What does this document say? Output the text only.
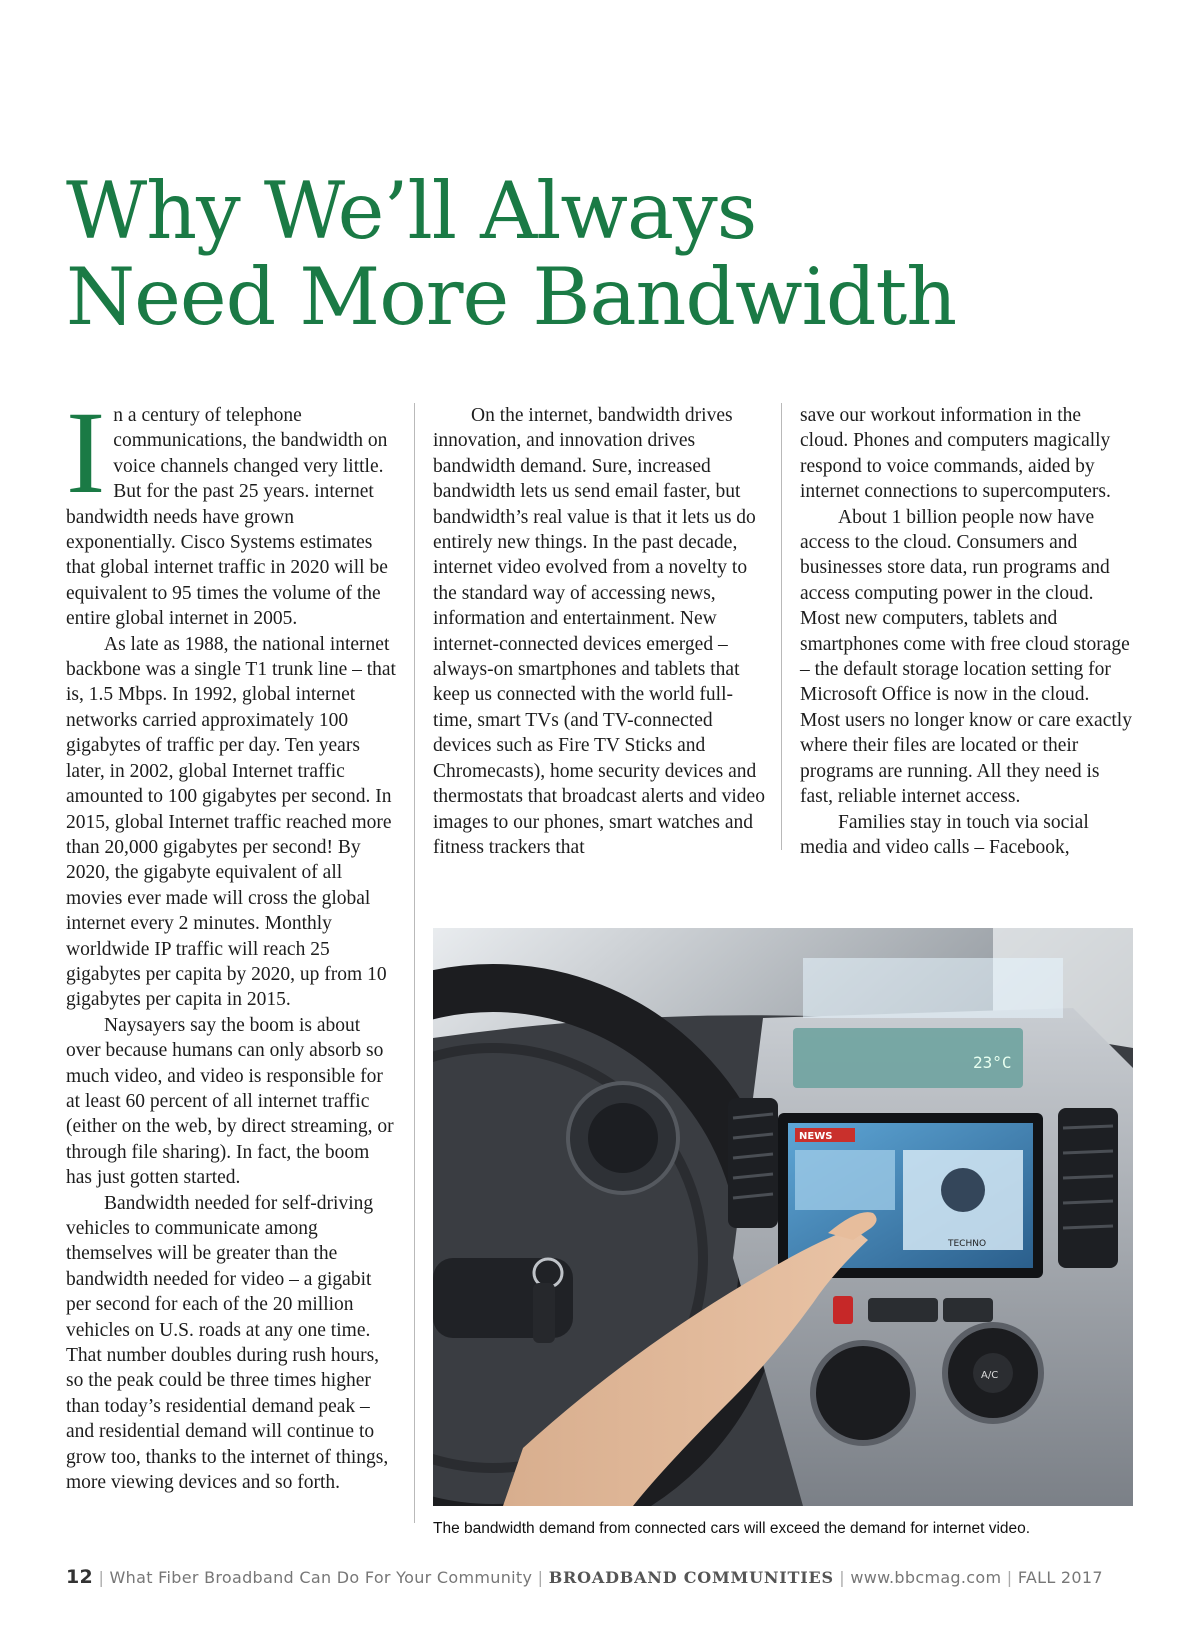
Why We’ll Always
Need More Bandwidth

In a century of telephone communications, the bandwidth on voice channels changed very little. But for the past 25 years. internet bandwidth needs have grown exponentially. Cisco Systems estimates that global internet traffic in 2020 will be equivalent to 95 times the volume of the entire global internet in 2005.

As late as 1988, the national internet backbone was a single T1 trunk line – that is, 1.5 Mbps. In 1992, global internet networks carried approximately 100 gigabytes of traffic per day. Ten years later, in 2002, global Internet traffic amounted to 100 gigabytes per second. In 2015, global Internet traffic reached more than 20,000 gigabytes per second! By 2020, the gigabyte equivalent of all movies ever made will cross the global internet every 2 minutes. Monthly worldwide IP traffic will reach 25 gigabytes per capita by 2020, up from 10 gigabytes per capita in 2015.

Naysayers say the boom is about over because humans can only absorb so much video, and video is responsible for at least 60 percent of all internet traffic (either on the web, by direct streaming, or through file sharing). In fact, the boom has just gotten started.

Bandwidth needed for self-driving vehicles to communicate among themselves will be greater than the bandwidth needed for video – a gigabit per second for each of the 20 million vehicles on U.S. roads at any one time. That number doubles during rush hours, so the peak could be three times higher than today’s residential demand peak – and residential demand will continue to grow too, thanks to the internet of things, more viewing devices and so forth.

On the internet, bandwidth drives innovation, and innovation drives bandwidth demand. Sure, increased bandwidth lets us send email faster, but bandwidth’s real value is that it lets us do entirely new things. In the past decade, internet video evolved from a novelty to the standard way of accessing news, information and entertainment. New internet-connected devices emerged – always-on smartphones and tablets that keep us connected with the world full-time, smart TVs (and TV-connected devices such as Fire TV Sticks and Chromecasts), home security devices and thermostats that broadcast alerts and video images to our phones, smart watches and fitness trackers that

save our workout information in the cloud. Phones and computers magically respond to voice commands, aided by internet connections to supercomputers.

About 1 billion people now have access to the cloud. Consumers and businesses store data, run programs and access computing power in the cloud. Most new computers, tablets and smartphones come with free cloud storage – the default storage location setting for Microsoft Office is now in the cloud. Most users no longer know or care exactly where their files are located or their programs are running. All they need is fast, reliable internet access.

Families stay in touch via social media and video calls – Facebook,

23°C
NEWS
TECHNO
A/C
The bandwidth demand from connected cars will exceed the demand for internet video.
12 | What Fiber Broadband Can Do For Your Community | BROADBAND COMMUNITIES | www.bbcmag.com | FALL 2017
